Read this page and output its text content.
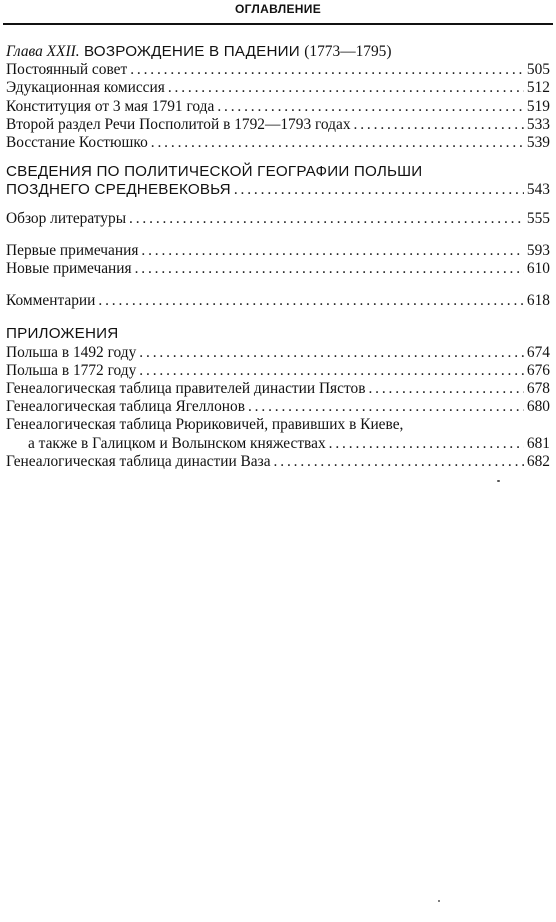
ОГЛАВЛЕНИЕ
Глава XXII. ВОЗРОЖДЕНИЕ В ПАДЕНИИ (1773—1795)
Постоянный совет . . .	505
Эдукационная комиссия . . .	512
Конституция от 3 мая 1791 года . . .	519
Второй раздел Речи Посполитой в 1792—1793 годах . . .	533
Восстание Костюшко . . .	539
СВЕДЕНИЯ ПО ПОЛИТИЧЕСКОЙ ГЕОГРАФИИ ПОЛЬШИ
ПОЗДНЕГО СРЕДНЕВЕКОВЬЯ . . .	543
Обзор литературы . . .	555
Первые примечания . . .	593
Новые примечания . . .	610
Комментарии . . .	618
ПРИЛОЖЕНИЯ
Польша в 1492 году . . .	674
Польша в 1772 году . . .	676
Генеалогическая таблица правителей династии Пястов . . .	678
Генеалогическая таблица Ягеллонов . . .	680
Генеалогическая таблица Рюриковичей, правивших в Киеве,
а также в Галицком и Волынском княжествах . . .	681
Генеалогическая таблица династии Ваза . . .	682
